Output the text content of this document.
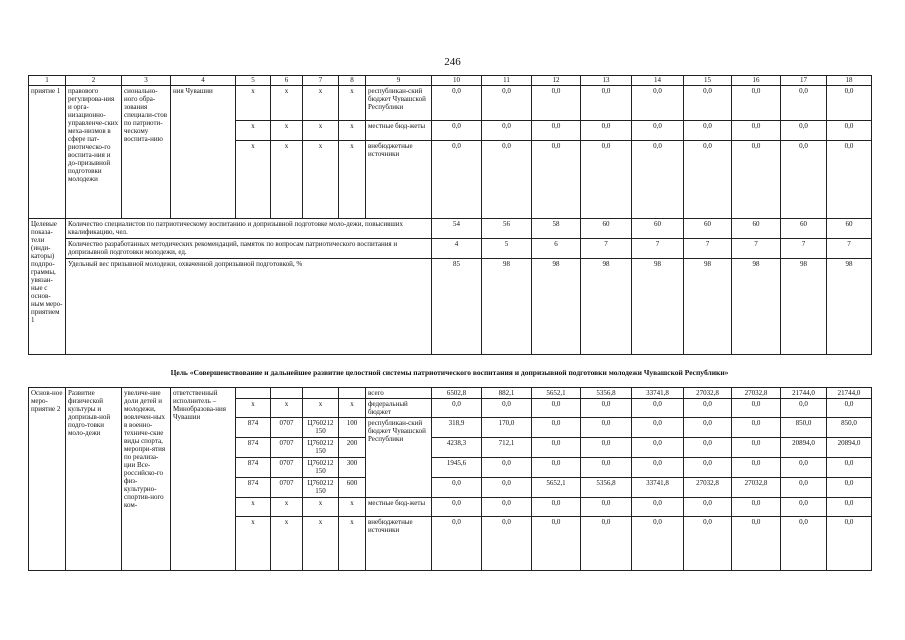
246
1	2	3	4	5	6	7	8	9	10	11	12	13	14	15	16	17	18
приятие 1	правового регулирова-ния и орга-низационно-управленче-ских меха-низмов в сфере пат-риотическо-го воспита-ния и до-призывной подготовки молодежи	сионально-ного обра-зования специали-стов по патриоти-ческому воспита-нию	ния Чувашии	x	x	x	x	республикан-ский бюджет Чувашской Республики	0,0	0,0	0,0	0,0	0,0	0,0	0,0	0,0	0,0
				x	x	x	x	местные бюд-жеты	0,0	0,0	0,0	0,0	0,0	0,0	0,0	0,0	0,0
				x	x	x	x	внебюджетные источники	0,0	0,0	0,0	0,0	0,0	0,0	0,0	0,0	0,0
Целевые показа-тели (инди-каторы) подпро-граммы, увязан-ные с основ-ным меро-приятием 1	Количество специалистов по патриотическому воспитанию и допризывной подготовке моло-дежи, повысивших квалификацию, чел.								54	56	58	60	60	60	60	60	60
	Количество разработанных методических рекомендаций, памяток по вопросам патриотического воспитания и допризывной подготовки молодежи, ед.								4	5	6	7	7	7	7	7	7
	Удельный вес призывной молодежи, охваченной допризывной подготовкой, %								85	98	98	98	98	98	98	98	98
Цель «Совершенствование и дальнейшее развитие целостной системы патриотического воспитания и допризывной подготовки молодежи Чувашской Республики»
Основ-ное меро-приятие 2	Развитие физической культуры и допризыв-ной подго-товки моло-дежи	увеличе-ние доли детей и молодежи, вовлечен-ных в военно-техниче-ские виды спорта, меропри-ятия по реализа-ции Все-российско-го физ-культурно-спортив-ного ком-	ответственный исполнитель – Минобразова-ния Чувашии					всего	6502,8	882,1	5652,1	5356,8	33741,8	27032,8	27032,8	21744,0	21744,0
				x	x	x	x	федеральный бюджет	0,0	0,0	0,0	0,0	0,0	0,0	0,0	0,0	0,0
				874	0707	Ц760212 150	100	республикан-ский бюджет Чувашской Республики	318,9	170,0	0,0	0,0	0,0	0,0	0,0	850,0	850,0
				874	0707	Ц760212 150	200		4238,3	712,1	0,0	0,0	0,0	0,0	0,0	20894,0	20894,0
				874	0707	Ц760212 150	300		1945,6	0,0	0,0	0,0	0,0	0,0	0,0	0,0	0,0
				874	0707	Ц760212 150	600		0,0	0,0	5652,1	5356,8	33741,8	27032,8	27032,8	0,0	0,0
				x	x	x	x	местные бюд-жеты	0,0	0,0	0,0	0,0	0,0	0,0	0,0	0,0	0,0
				x	x	x	x	внебюджетные источники	0,0	0,0	0,0	0,0	0,0	0,0	0,0	0,0	0,0
